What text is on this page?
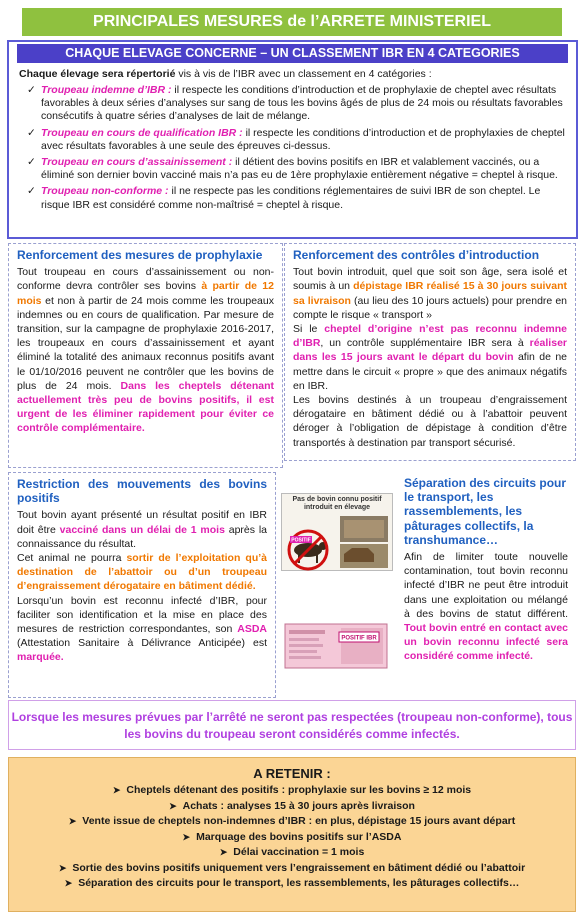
PRINCIPALES MESURES de l’ARRETE MINISTERIEL
CHAQUE ELEVAGE CONCERNE – UN CLASSEMENT IBR EN 4 CATEGORIES
Chaque élevage sera répertorié vis à vis de l’IBR avec un classement en 4 catégories :
✓ Troupeau indemne d’IBR : il respecte les conditions d’introduction et de prophylaxie de cheptel avec résultats favorables à deux séries d’analyses sur sang de tous les bovins âgés de plus de 24 mois ou résultats favorables consécutifs à quatre séries d’analyses de lait de mélange.
✓ Troupeau en cours de qualification IBR : il respecte les conditions d’introduction et de prophylaxies de cheptel avec résultats favorables à une seule des épreuves ci-dessus.
✓ Troupeau en cours d’assainissement : il détient des bovins positifs en IBR et valablement vaccinés, ou a éliminé son dernier bovin vacciné mais n’a pas eu de 1ère prophylaxie entièrement négative = cheptel à risque.
✓ Troupeau non-conforme : il ne respecte pas les conditions réglementaires de suivi IBR de son cheptel. Le risque IBR est considéré comme non-maîtrisé = cheptel à risque.
Renforcement des mesures de prophylaxie
Tout troupeau en cours d’assainissement ou non-conforme devra contrôler ses bovins à partir de 12 mois et non à partir de 24 mois comme les troupeaux indemnes ou en cours de qualification. Par mesure de transition, sur la campagne de prophylaxie 2016-2017, les troupeaux en cours d’assainissement et ayant éliminé la totalité des animaux reconnus positifs avant le 01/10/2016 peuvent ne contrôler que les bovins de plus de 24 mois. Dans les cheptels détenant actuellement très peu de bovins positifs, il est urgent de les éliminer rapidement pour éviter ce contrôle complémentaire.
Renforcement des contrôles d’introduction
Tout bovin introduit, quel que soit son âge, sera isolé et soumis à un dépistage IBR réalisé 15 à 30 jours suivant sa livraison (au lieu des 10 jours actuels) pour prendre en compte le risque « transport »
Si le cheptel d’origine n’est pas reconnu indemne d’IBR, un contrôle supplémentaire IBR sera à réaliser dans les 15 jours avant le départ du bovin afin de ne mettre dans le circuit « propre » que des animaux négatifs en IBR.
Les bovins destinés à un troupeau d’engraissement dérogataire en bâtiment dédié ou à l’abattoir peuvent déroger à l’obligation de dépistage à condition d’être transportés à destination par transport sécurisé.
Restriction des mouvements des bovins positifs
Tout bovin ayant présenté un résultat positif en IBR doit être vacciné dans un délai de 1 mois après la connaissance du résultat.
Cet animal ne pourra sortir de l’exploitation qu’à destination de l’abattoir ou d’un troupeau d’engraissement dérogataire en bâtiment dédié.
Lorsqu’un bovin est reconnu infecté d’IBR, pour faciliter son identification et la mise en place des mesures de restriction correspondantes, son ASDA (Attestation Sanitaire à Délivrance Anticipée) est marquée.
Pas de bovin connu positif introduit en élevage
POSITIF
POSITIF IBR
Séparation des circuits pour le transport, les rassemblements, les pâturages collectifs, la transhumance…
Afin de limiter toute nouvelle contamination, tout bovin reconnu infecté d’IBR ne peut être introduit dans une exploitation ou mélangé à des bovins de statut différent. Tout bovin entré en contact avec un bovin reconnu infecté sera considéré comme infecté.
Lorsque les mesures prévues par l’arrêté ne seront pas respectées (troupeau non-conforme), tous les bovins du troupeau seront considérés comme infectés.
A RETENIR :
➤ Cheptels détenant des positifs : prophylaxie sur les bovins ≥ 12 mois
➤ Achats : analyses 15 à 30 jours après livraison
➤ Vente issue de cheptels non-indemnes d’IBR : en plus, dépistage 15 jours avant départ
➤ Marquage des bovins positifs sur l’ASDA
➤ Délai vaccination = 1 mois
➤ Sortie des bovins positifs uniquement vers l’engraissement en bâtiment dédié ou l’abattoir
➤ Séparation des circuits pour le transport, les rassemblements, les pâturages collectifs…
